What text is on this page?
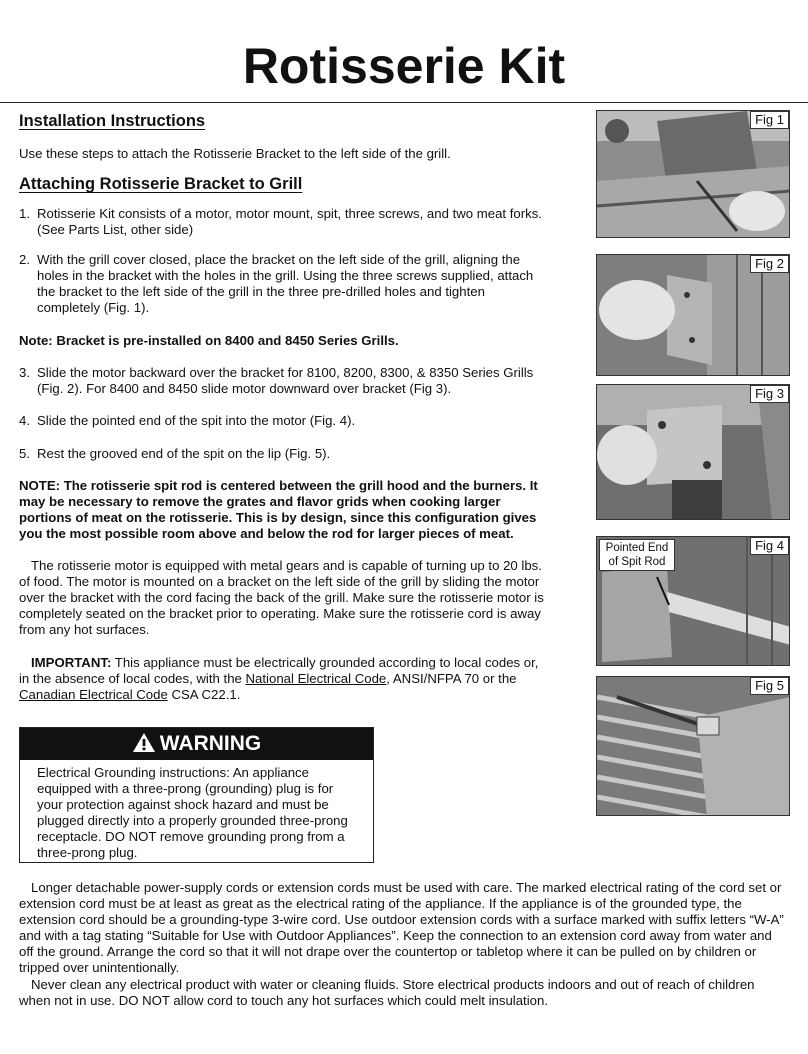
Rotisserie Kit
Installation Instructions
Use these steps to attach the Rotisserie Bracket to the left side of the grill.
Attaching Rotisserie Bracket to Grill
1. Rotisserie Kit consists of a motor, motor mount, spit, three screws, and two meat forks. (See Parts List, other side)
2. With the grill cover closed, place the bracket on the left side of the grill, aligning the holes in the bracket with the holes in the grill. Using the three screws supplied, attach the bracket to the left side of the grill in the three pre-drilled holes and tighten completely (Fig. 1).
Note: Bracket is pre-installed on 8400 and 8450 Series Grills.
3. Slide the motor backward over the bracket for 8100, 8200, 8300, & 8350 Series Grills (Fig. 2). For 8400 and 8450 slide motor downward over bracket (Fig 3).
4. Slide the pointed end of the spit into the motor (Fig. 4).
5. Rest the grooved end of the spit on the lip (Fig. 5).
NOTE: The rotisserie spit rod is centered between the grill hood and the burners. It may be necessary to remove the grates and flavor grids when cooking larger portions of meat on the rotisserie. This is by design, since this configuration gives you the most possible room above and below the rod for larger pieces of meat.
The rotisserie motor is equipped with metal gears and is capable of turning up to 20 lbs. of food. The motor is mounted on a bracket on the left side of the grill by sliding the motor over the bracket with the cord facing the back of the grill. Make sure the rotisserie motor is completely seated on the bracket prior to operating. Make sure the rotisserie cord is away from any hot surfaces.
IMPORTANT: This appliance must be electrically grounded according to local codes or, in the absence of local codes, with the National Electrical Code, ANSI/NFPA 70 or the Canadian Electrical Code CSA C22.1.
WARNING
Electrical Grounding instructions: An appliance equipped with a three-prong (grounding) plug is for your protection against shock hazard and must be plugged directly into a properly grounded three-prong receptacle. DO NOT remove grounding prong from a three-prong plug.
Fig 1
Fig 2
Fig 3
Pointed End of Spit Rod
Fig 4
Fig 5
Longer detachable power-supply cords or extension cords must be used with care. The marked electrical rating of the cord set or extension cord must be at least as great as the electrical rating of the appliance. If the appliance is of the grounded type, the extension cord should be a grounding-type 3-wire cord. Use outdoor extension cords with a surface marked with suffix letters “W-A” and with a tag stating “Suitable for Use with Outdoor Appliances”. Keep the connection to an extension cord away from water and off the ground. Arrange the cord so that it will not drape over the countertop or tabletop where it can be pulled on by children or tripped over unintentionally.
Never clean any electrical product with water or cleaning fluids. Store electrical products indoors and out of reach of children when not in use. DO NOT allow cord to touch any hot surfaces which could melt insulation.
